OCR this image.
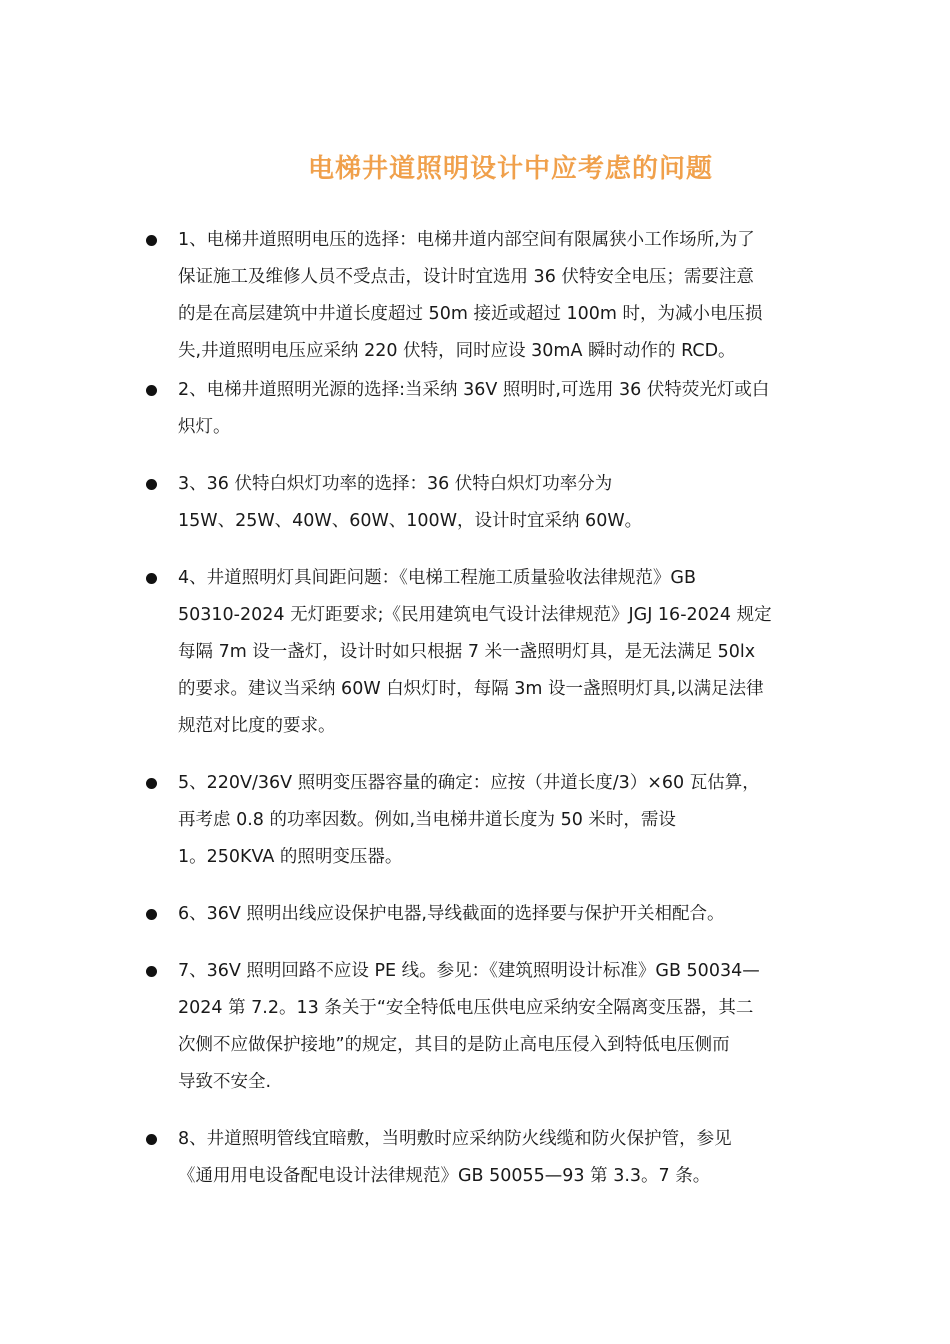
电梯井道照明设计中应考虑的问题
1、电梯井道照明电压的选择：电梯井道内部空间有限属狭小工作场所,为了
保证施工及维修人员不受点击，设计时宜选用 36 伏特安全电压；需要注意
的是在高层建筑中井道长度超过 50m 接近或超过 100m 时，为减小电压损
失,井道照明电压应采纳 220 伏特，同时应设 30mA 瞬时动作的 RCD。
2、电梯井道照明光源的选择:当采纳 36V 照明时,可选用 36 伏特荧光灯或白
炽灯。
3、36 伏特白炽灯功率的选择：36 伏特白炽灯功率分为
15W、25W、40W、60W、100W，设计时宜采纳 60W。
4、井道照明灯具间距问题：《电梯工程施工质量验收法律规范》GB
50310-2024 无灯距要求;《民用建筑电气设计法律规范》JGJ 16-2024 规定
每隔 7m 设一盏灯，设计时如只根据 7 米一盏照明灯具，是无法满足 50lx
的要求。建议当采纳 60W 白炽灯时，每隔 3m 设一盏照明灯具,以满足法律
规范对比度的要求。
5、220V/36V 照明变压器容量的确定：应按（井道长度/3）×60 瓦估算，
再考虑 0.8 的功率因数。例如,当电梯井道长度为 50 米时，需设
1。250KVA 的照明变压器。
6、36V 照明出线应设保护电器,导线截面的选择要与保护开关相配合。
7、36V 照明回路不应设 PE 线。参见：《建筑照明设计标准》GB 50034—
2024 第 7.2。13 条关于“安全特低电压供电应采纳安全隔离变压器，其二
次侧不应做保护接地”的规定，其目的是防止高电压侵入到特低电压侧而
导致不安全.
8、井道照明管线宜暗敷，当明敷时应采纳防火线缆和防火保护管，参见
《通用用电设备配电设计法律规范》GB 50055—93 第 3.3。7 条。
